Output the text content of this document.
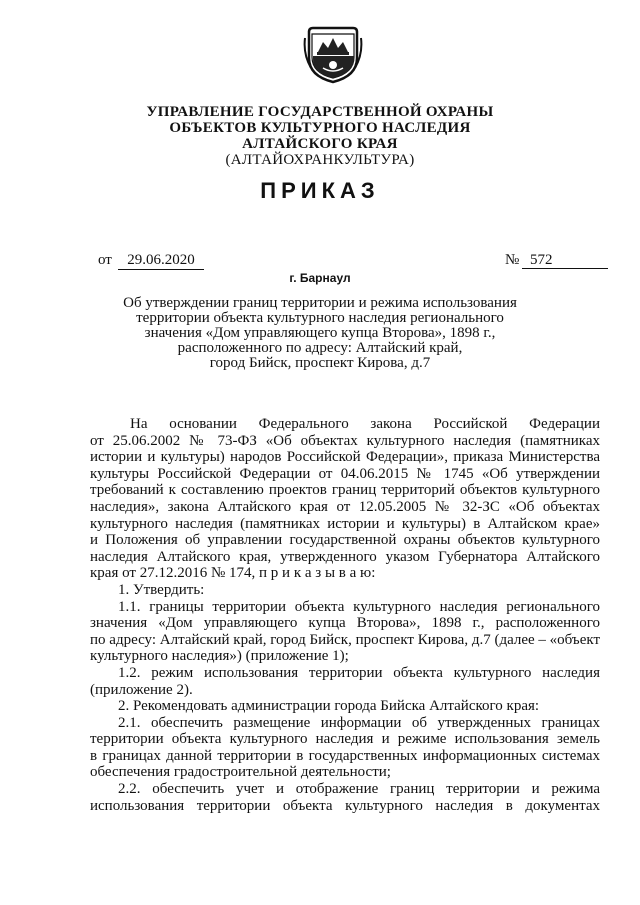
УПРАВЛЕНИЕ ГОСУДАРСТВЕННОЙ ОХРАНЫ
ОБЪЕКТОВ КУЛЬТУРНОГО НАСЛЕДИЯ
АЛТАЙСКОГО КРАЯ
(АЛТАЙОХРАНКУЛЬТУРА)
ПРИКАЗ
от	29.06.2020	№ 572
г. Барнаул
Об утверждении границ территории и режима использования
территории объекта культурного наследия регионального
значения «Дом управляющего купца Второва», 1898 г.,
расположенного по адресу: Алтайский край,
город Бийск, проспект Кирова, д.7
На основании Федерального закона Российской Федерации
от 25.06.2002 № 73-ФЗ «Об объектах культурного наследия (памятниках
истории и культуры) народов Российской Федерации», приказа Министерства
культуры Российской Федерации от 04.06.2015 № 1745 «Об утверждении
требований к составлению проектов границ территорий объектов культурного
наследия», закона Алтайского края от 12.05.2005 № 32-ЗС «Об объектах
культурного наследия (памятниках истории и культуры) в Алтайском крае»
и Положения об управлении государственной охраны объектов культурного
наследия Алтайского края, утвержденного указом Губернатора Алтайского
края от 27.12.2016 № 174, п р и к а з ы в а ю:
1. Утвердить:
1.1. границы территории объекта культурного наследия регионального
значения «Дом управляющего купца Второва», 1898 г., расположенного
по адресу: Алтайский край, город Бийск, проспект Кирова, д.7 (далее – «объект
культурного наследия») (приложение 1);
1.2. режим использования территории объекта культурного наследия
(приложение 2).
2. Рекомендовать администрации города Бийска Алтайского края:
2.1. обеспечить размещение информации об утвержденных границах
территории объекта культурного наследия и режиме использования земель
в границах данной территории в государственных информационных системах
обеспечения градостроительной деятельности;
2.2. обеспечить учет и отображение границ территории и режима
использования территории объекта культурного наследия в документах
